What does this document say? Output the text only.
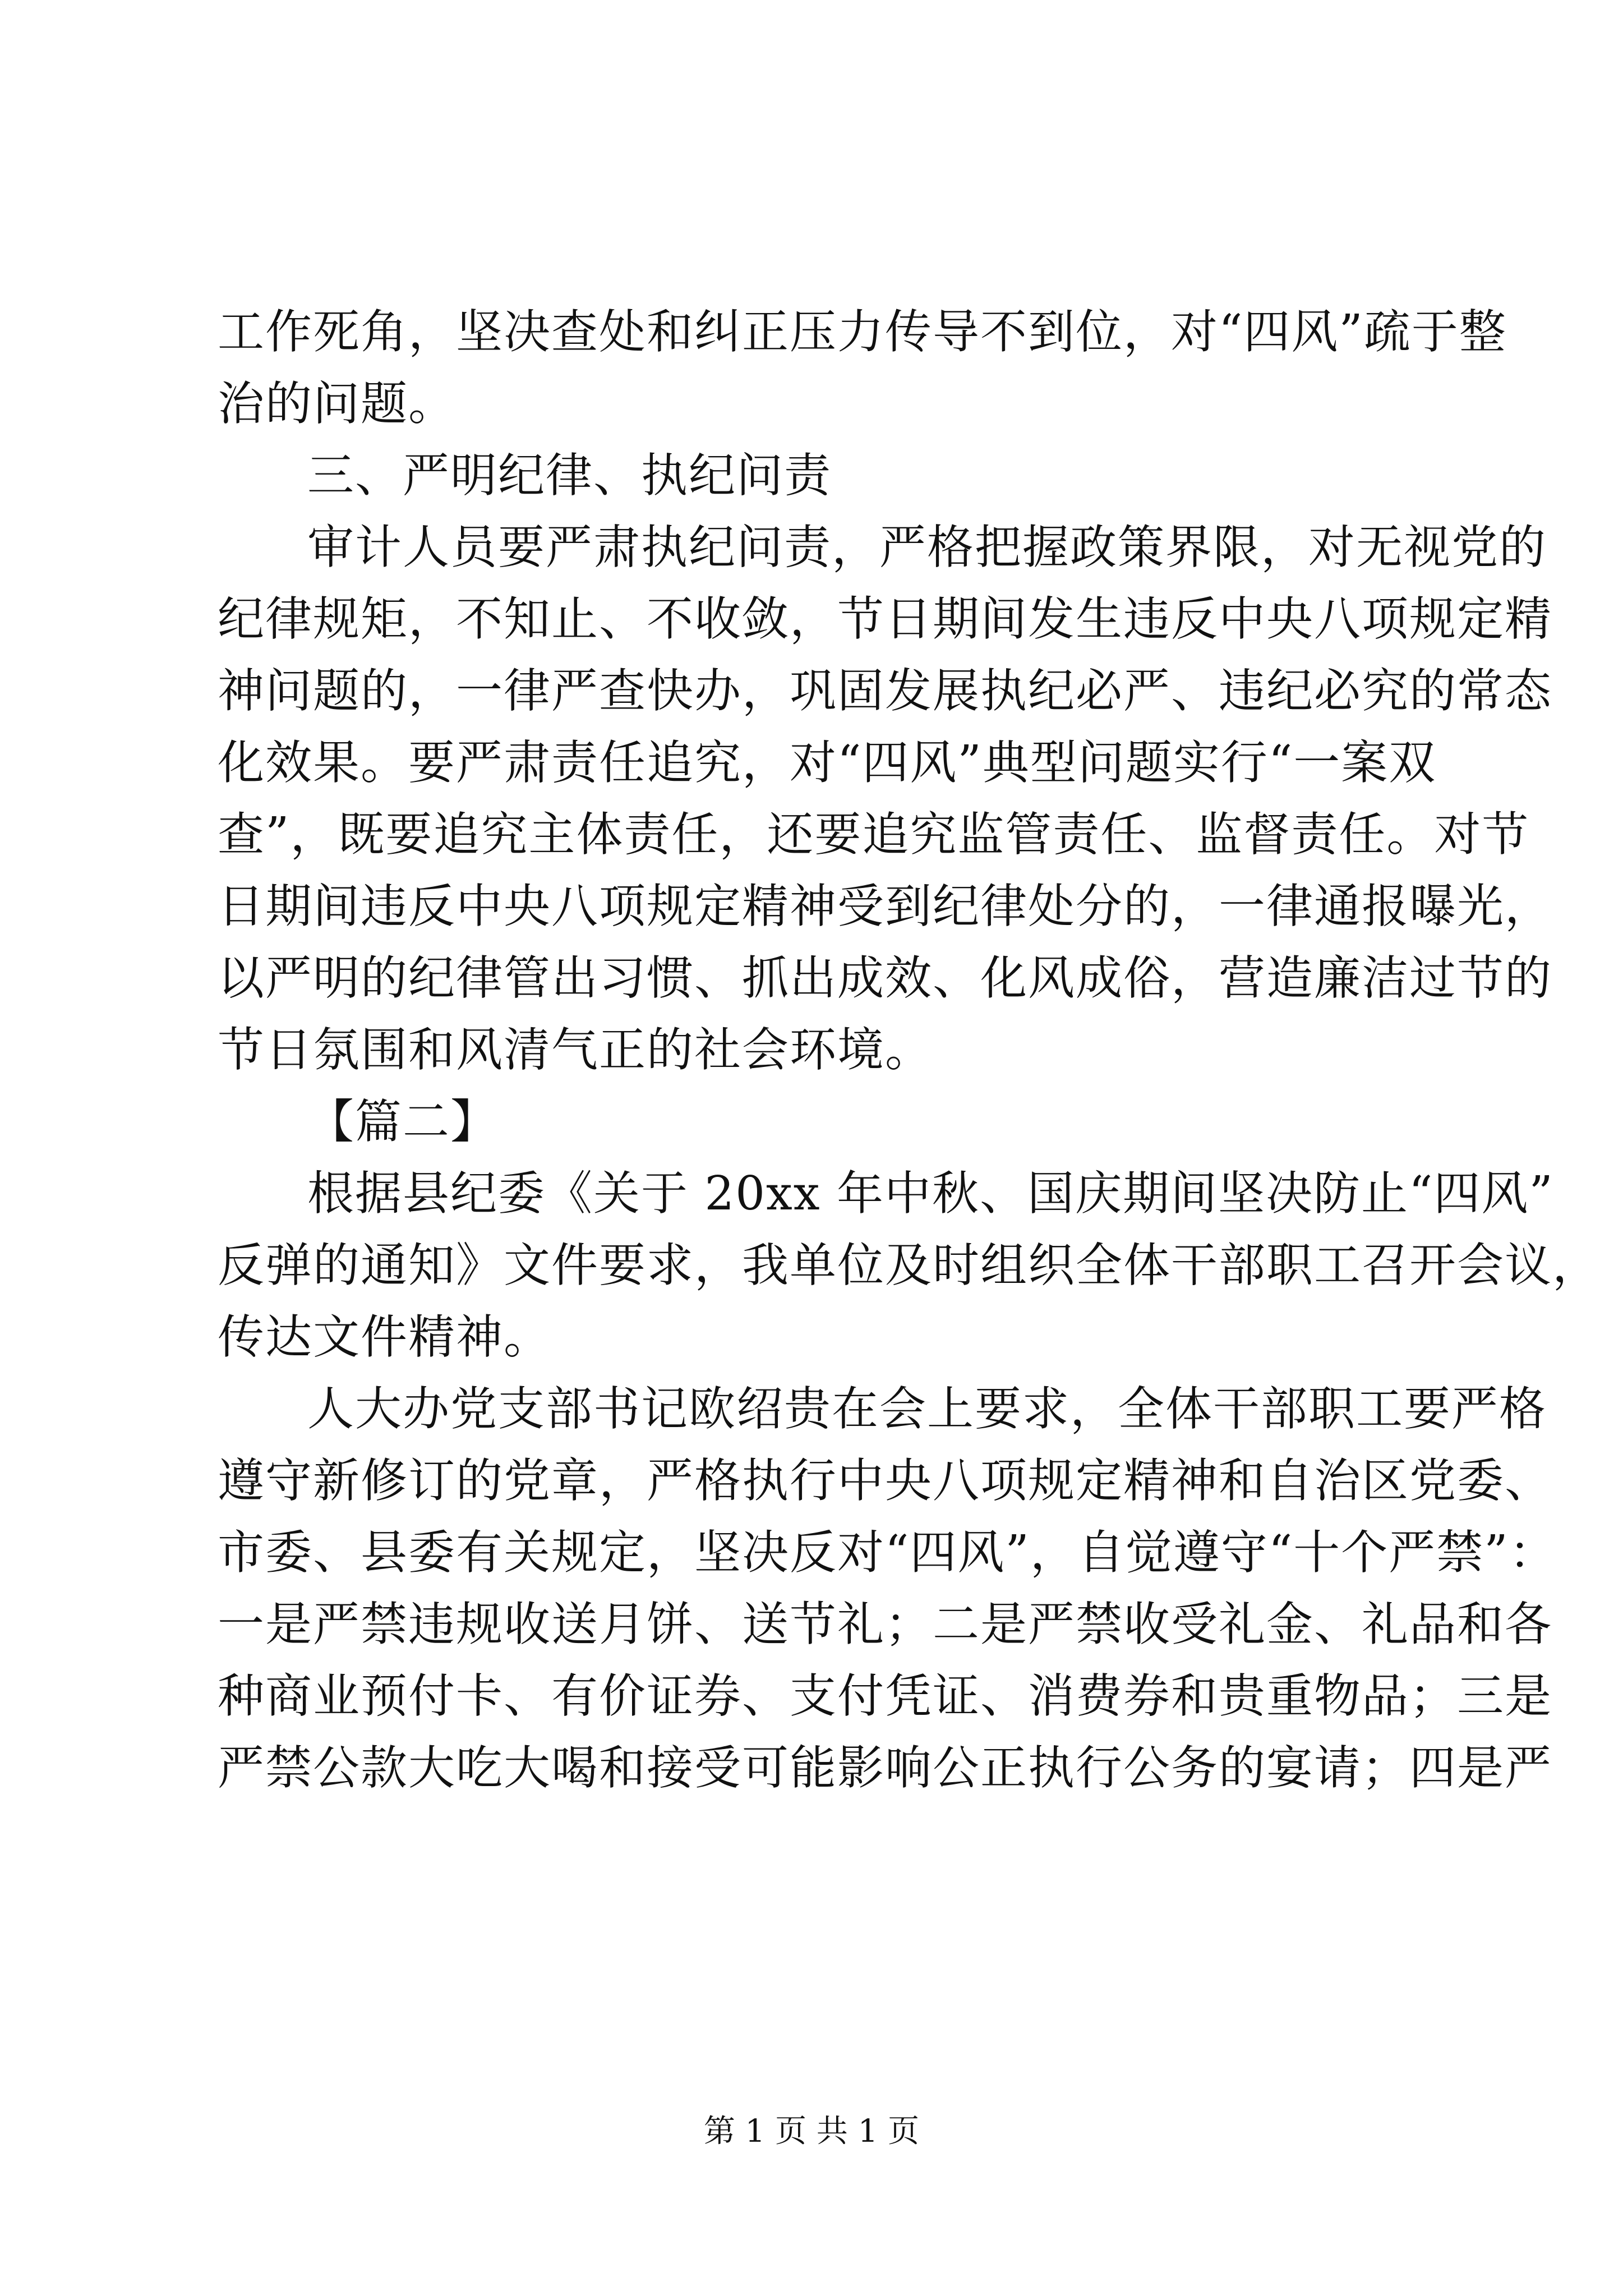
工作死角，坚决查处和纠正压力传导不到位，对“四风”疏于整
治的问题。
三、严明纪律、执纪问责
审计人员要严肃执纪问责，严格把握政策界限，对无视党的
纪律规矩，不知止、不收敛，节日期间发生违反中央八项规定精
神问题的，一律严查快办，巩固发展执纪必严、违纪必究的常态
化效果。要严肃责任追究，对“四风”典型问题实行“一案双
查”，既要追究主体责任，还要追究监管责任、监督责任。对节
日期间违反中央八项规定精神受到纪律处分的，一律通报曝光，
以严明的纪律管出习惯、抓出成效、化风成俗，营造廉洁过节的
节日氛围和风清气正的社会环境。
【篇二】
根据县纪委《关于 20xx 年中秋、国庆期间坚决防止“四风”
反弹的通知》文件要求，我单位及时组织全体干部职工召开会议，
传达文件精神。
人大办党支部书记欧绍贵在会上要求，全体干部职工要严格
遵守新修订的党章，严格执行中央八项规定精神和自治区党委、
市委、县委有关规定，坚决反对“四风”，自觉遵守“十个严禁”：
一是严禁违规收送月饼、送节礼；二是严禁收受礼金、礼品和各
种商业预付卡、有价证券、支付凭证、消费券和贵重物品；三是
严禁公款大吃大喝和接受可能影响公正执行公务的宴请；四是严
第 1 页 共 1 页
